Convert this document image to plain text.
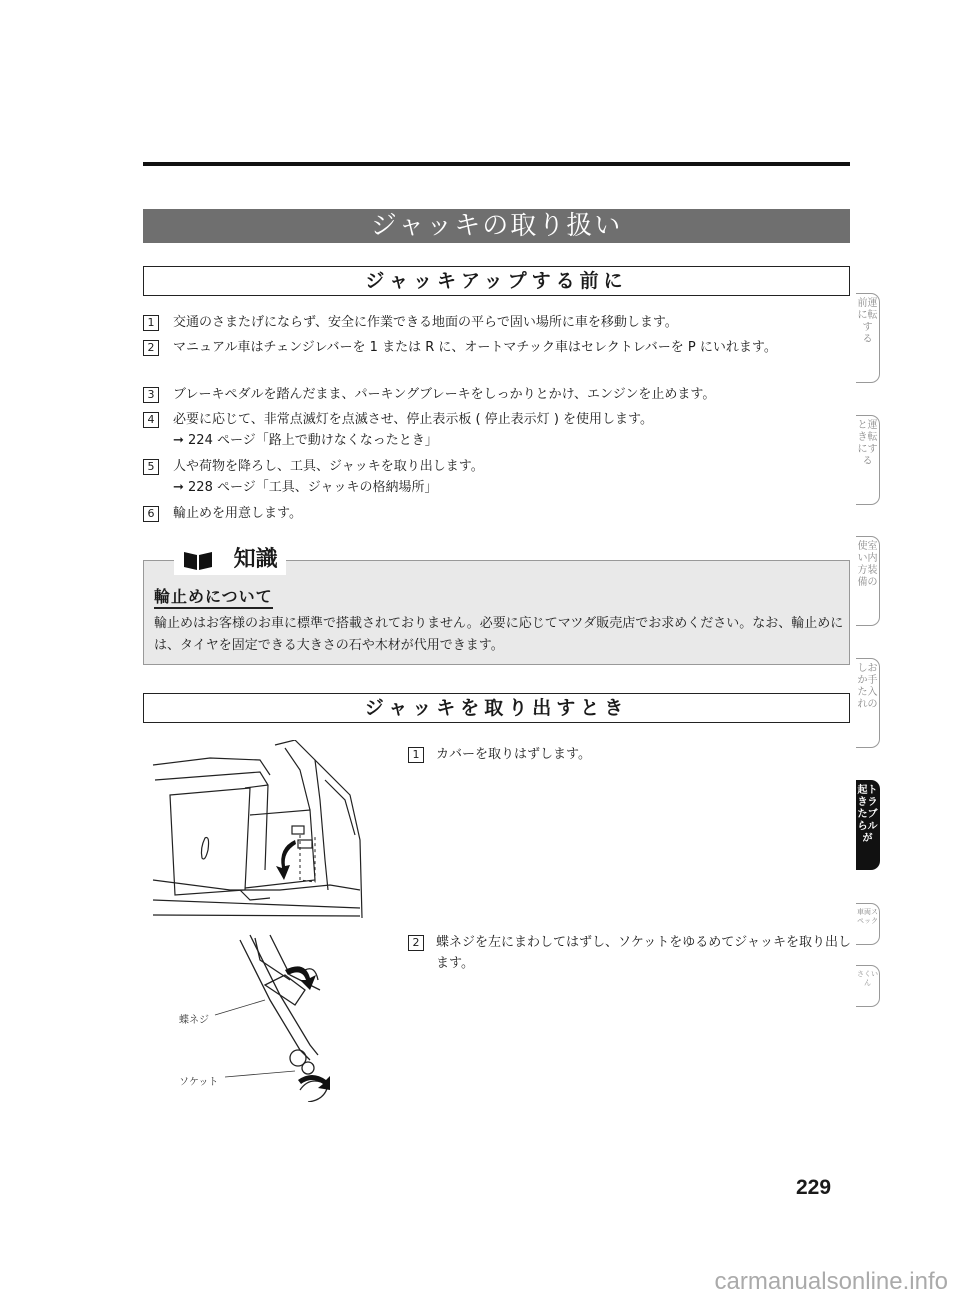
ジャッキの取り扱い
ジャッキアップする前に
1	交通のさまたげにならず、安全に作業できる地面の平らで固い場所に車を移動します。
2	マニュアル車はチェンジレバーを 1 または R に、オートマチック車はセレクトレバーを P にいれます。
3	ブレーキペダルを踏んだまま、パーキングブレーキをしっかりとかけ、エンジンを止めます。
4	必要に応じて、非常点滅灯を点滅させ、停止表示板 ( 停止表示灯 ) を使用します。
➞ 224 ページ「路上で動けなくなったとき」
5	人や荷物を降ろし、工具、ジャッキを取り出します。
➞ 228 ページ「工具、ジャッキの格納場所」
6	輪止めを用意します。
知識
輪止めについて
輪止めはお客様のお車に標準で搭載されておりません。必要に応じてマツダ販売店でお求めください。なお、輪止めには、タイヤを固定できる大きさの石や木材が代用できます。
ジャッキを取り出すとき
1	カバーを取りはずします。
2	蝶ネジを左にまわしてはずし、ソケットをゆるめてジャッキを取り出します。
蝶ネジ
ソケット
前運に転す る
と運き転にする
使室い内方装備の
しおか手た入れの
起トきラたブらルが
車両スペック
さくいん
229
carmanualsonline.info
